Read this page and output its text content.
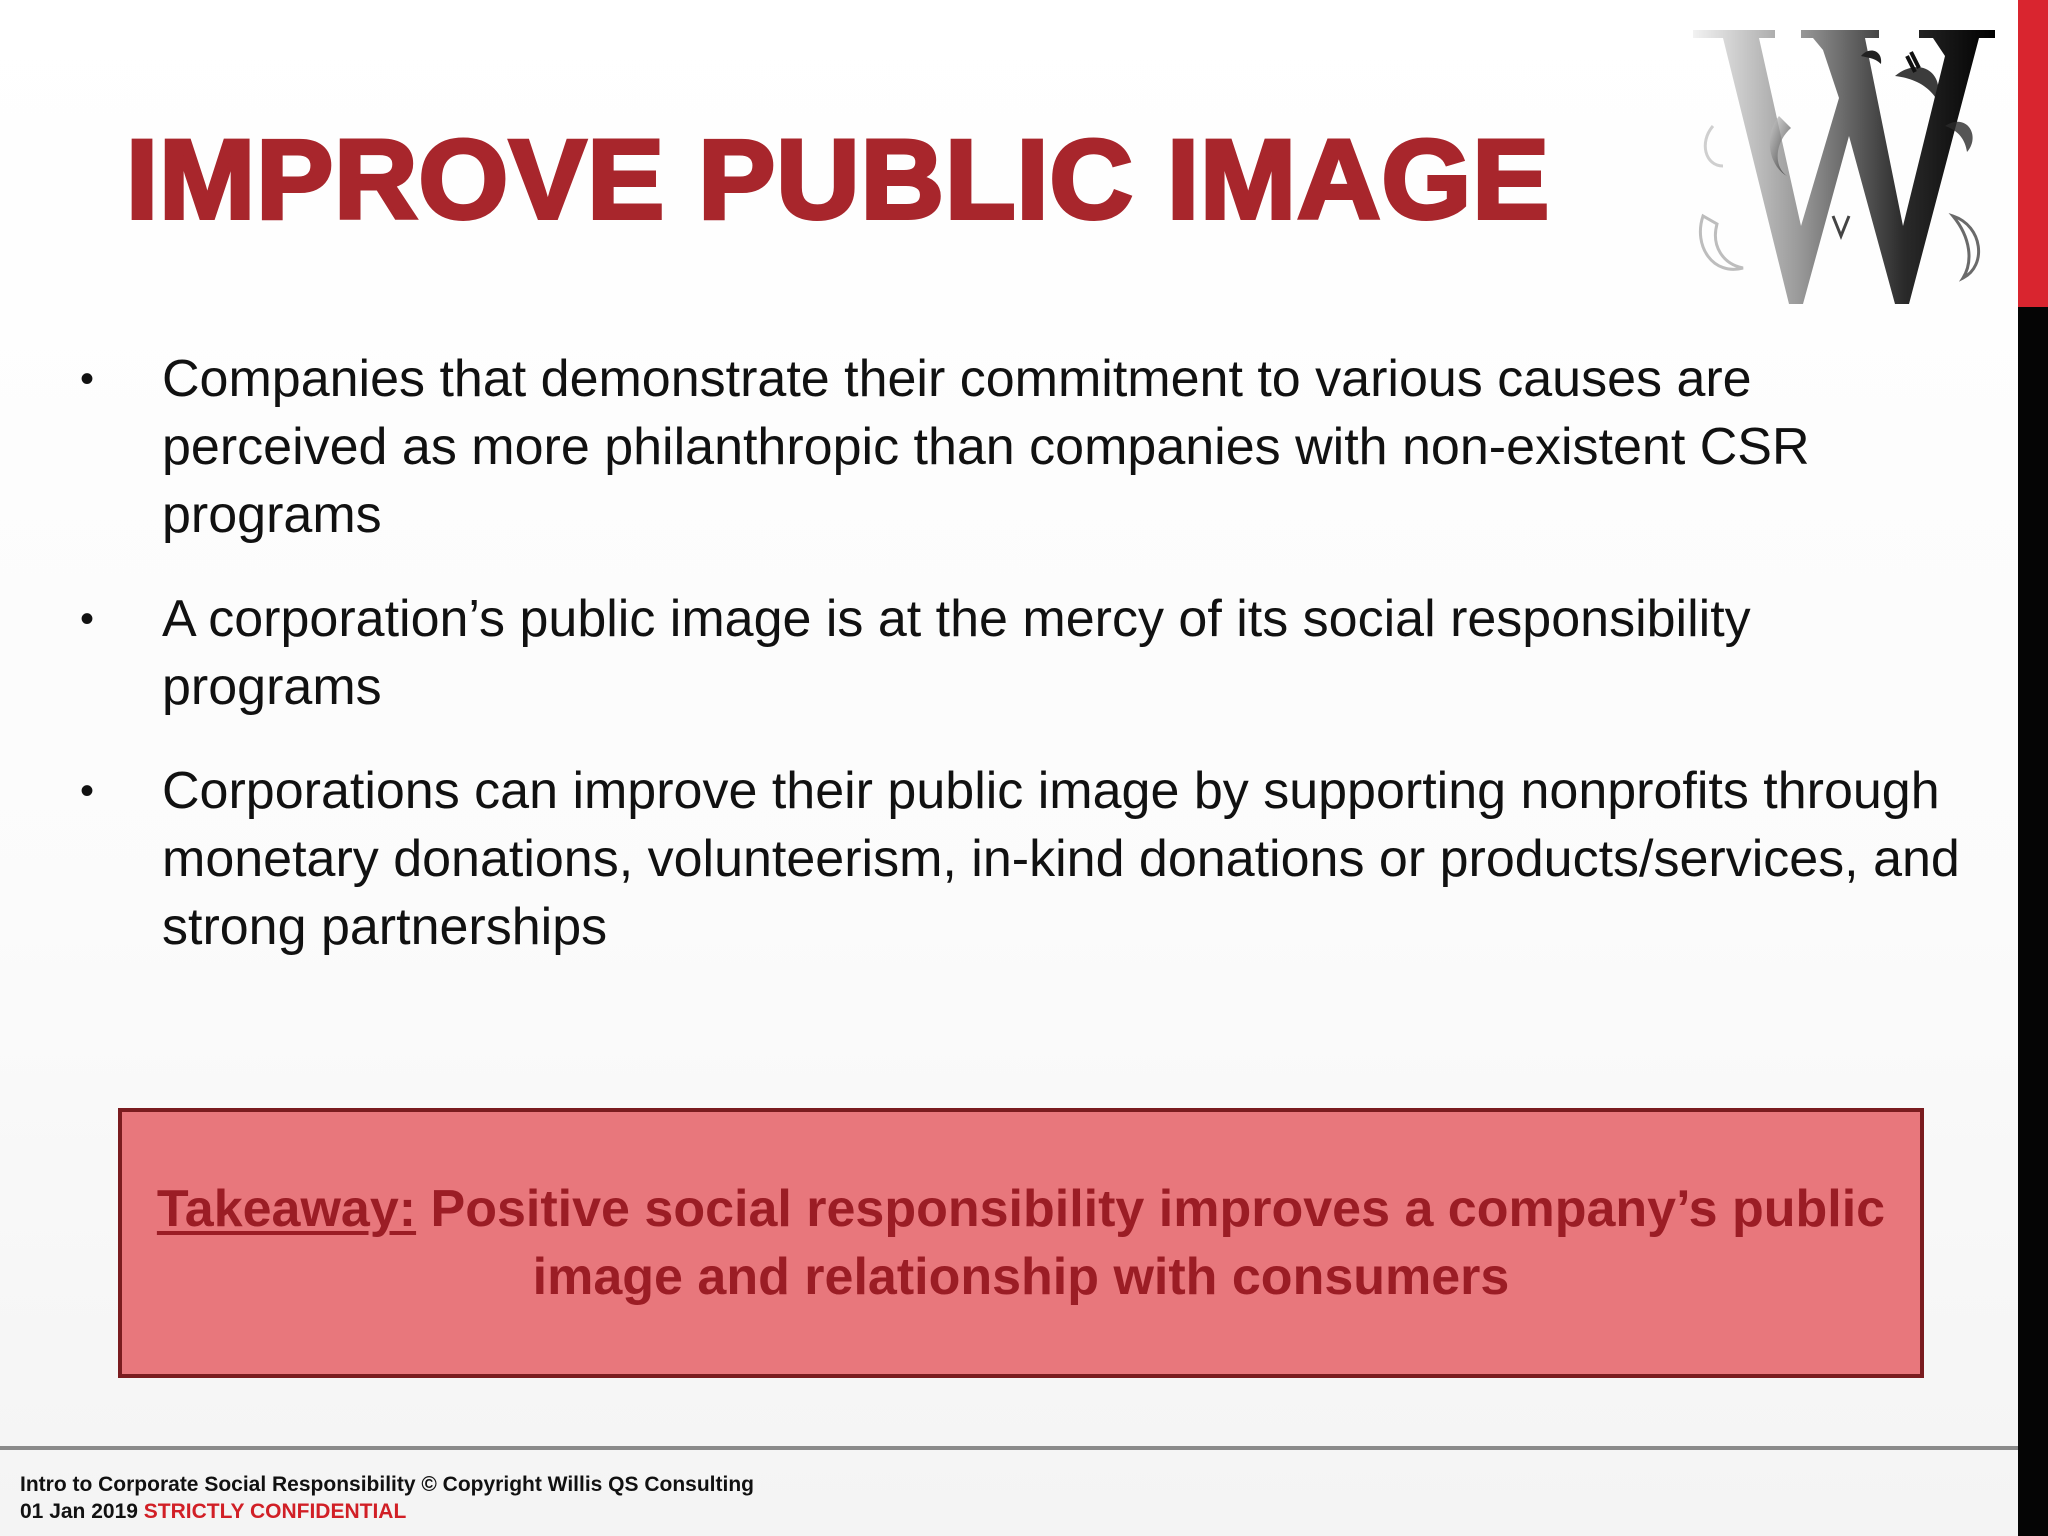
IMPROVE PUBLIC IMAGE
•	Companies that demonstrate their commitment to various causes are perceived as more philanthropic than companies with non-existent CSR programs
•	A corporation’s public image is at the mercy of its social responsibility programs
•	Corporations can improve their public image by supporting nonprofits through monetary donations, volunteerism, in-kind donations or products/services, and strong partnerships
Takeaway: Positive social responsibility improves a company’s public image and relationship with consumers
Intro to Corporate Social Responsibility © Copyright Willis QS Consulting
01 Jan 2019 STRICTLY CONFIDENTIAL
